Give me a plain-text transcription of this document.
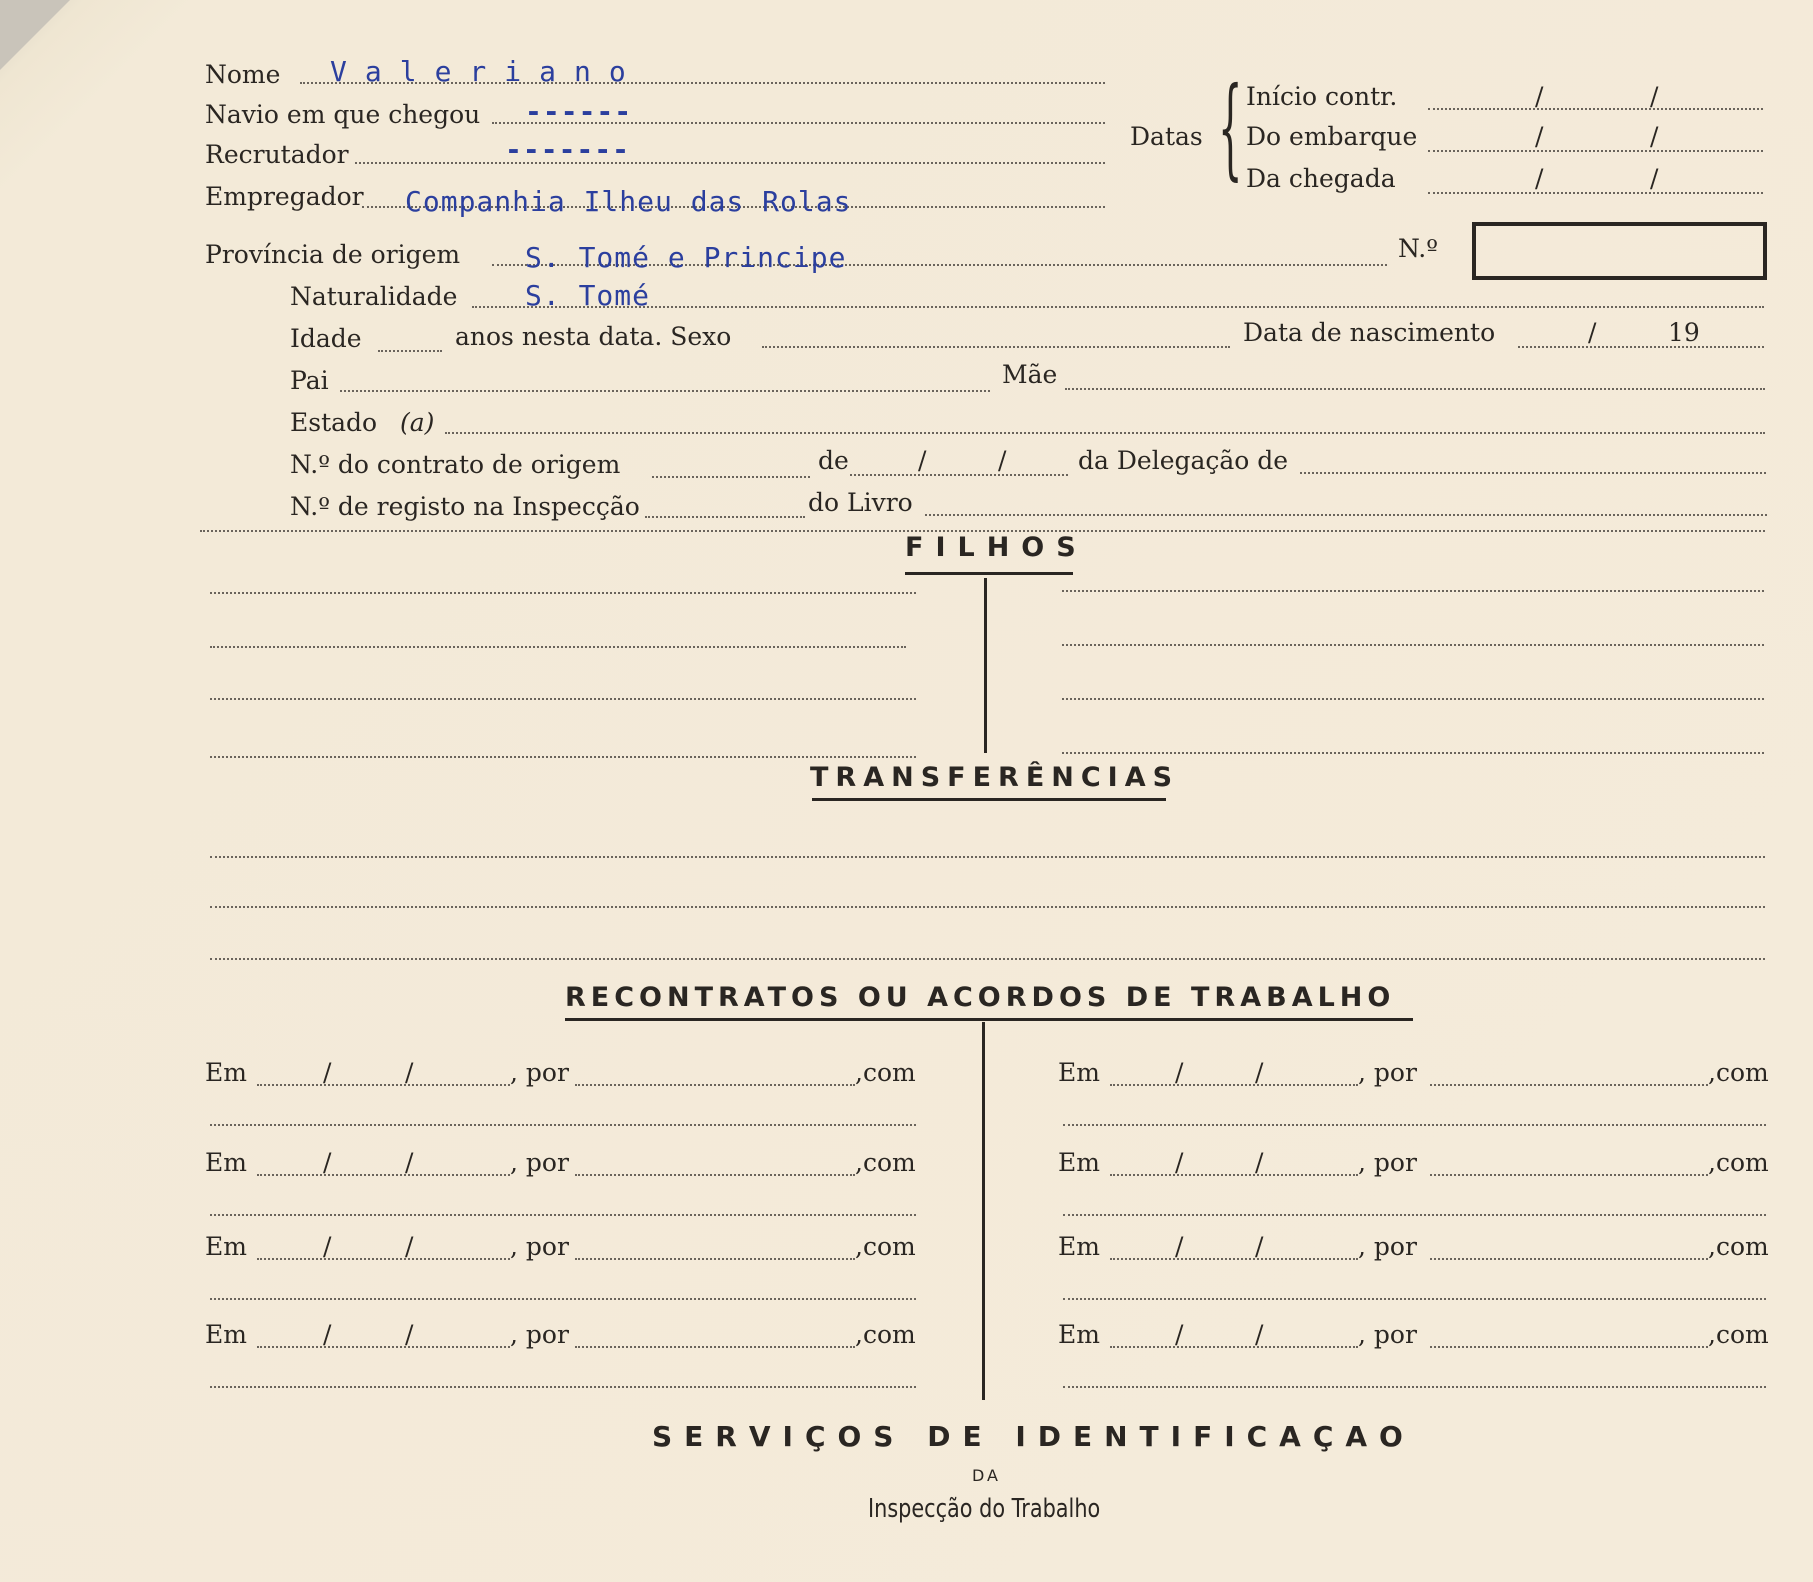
Nome Valeriano
Navio em que chegou ------
Recrutador	-------
Empregador Companhia Ilheu das Rolas
Datas { Início contr.	/	/
Do embarque	/	/
Da chegada	/	/
Província de origem S. Tomé e Principe	N.º
Naturalidade S. Tomé
Idade	anos nesta data. Sexo	Data de nascimento	/	19
Pai	Mãe
Estado (a)
N.º do contrato de origem	de	/	/	da Delegação de
N.º de registo na Inspecção	do Livro
FILHOS
TRANSFERÊNCIAS
RECONTRATOS OU ACORDOS DE TRABALHO
Em	/	/	, por	,com	Em	/	/	, por	,com
Em	/	/	, por	,com	Em	/	/	, por	,com
Em	/	/	, por	,com	Em	/	/	, por	,com
Em	/	/	, por	,com	Em	/	/	, por	,com
SERVIÇOS DE IDENTIFICAÇAO
DA
Inspecção do Trabalho
